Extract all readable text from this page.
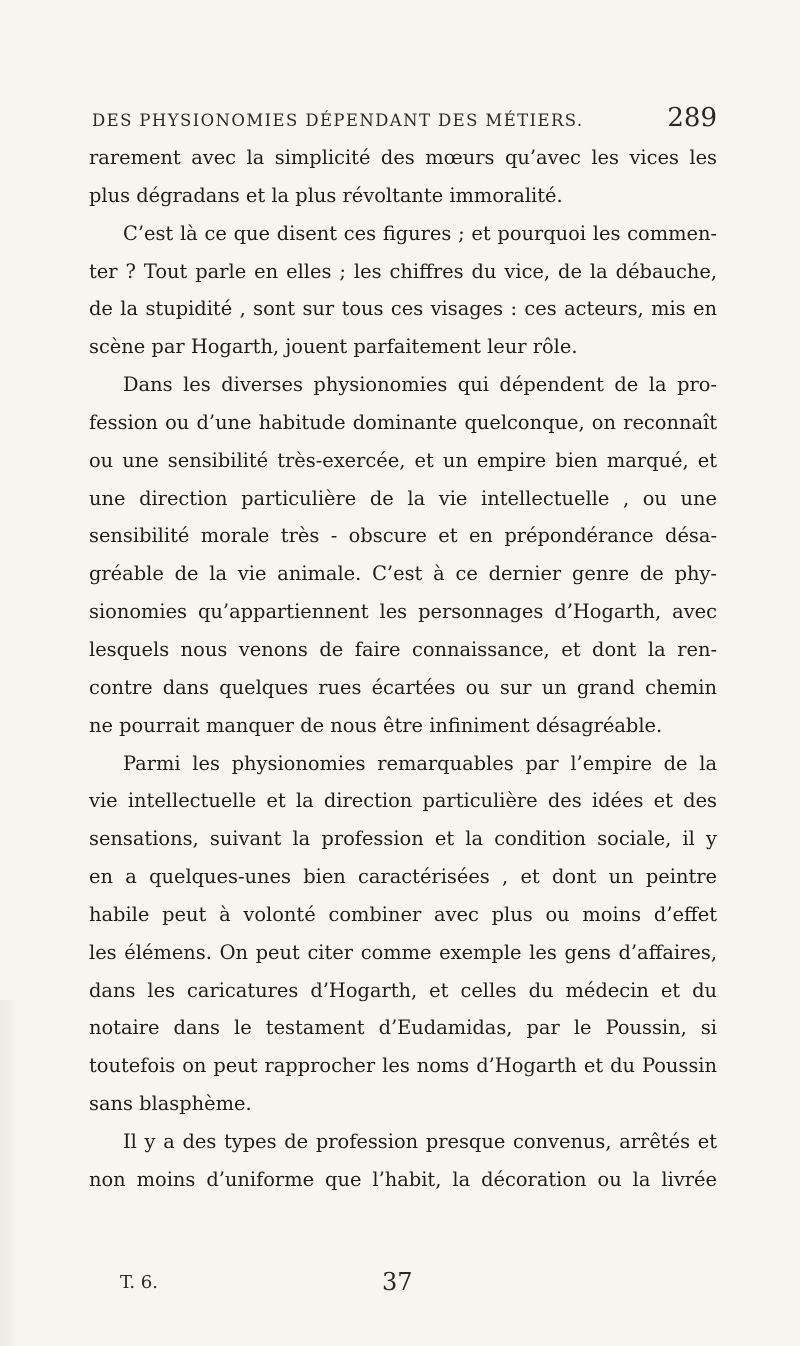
DES PHYSIONOMIES DÉPENDANT DES MÉTIERS.	289

rarement avec la simplicité des mœurs qu’avec les vices les

plus dégradans et la plus révoltante immoralité.

C’est là ce que disent ces figures ; et pourquoi les commen-

ter ? Tout parle en elles ; les chiffres du vice, de la débauche,

de la stupidité , sont sur tous ces visages : ces acteurs, mis en

scène par Hogarth, jouent parfaitement leur rôle.

Dans les diverses physionomies qui dépendent de la pro-

fession ou d’une habitude dominante quelconque, on reconnaît

ou une sensibilité très-exercée, et un empire bien marqué, et

une direction particulière de la vie intellectuelle , ou une

sensibilité morale très - obscure et en prépondérance désa-

gréable de la vie animale. C’est à ce dernier genre de phy-

sionomies qu’appartiennent les personnages d’Hogarth, avec

lesquels nous venons de faire connaissance, et dont la ren-

contre dans quelques rues écartées ou sur un grand chemin

ne pourrait manquer de nous être infiniment désagréable.

Parmi les physionomies remarquables par l’empire de la

vie intellectuelle et la direction particulière des idées et des

sensations, suivant la profession et la condition sociale, il y

en a quelques-unes bien caractérisées , et dont un peintre

habile peut à volonté combiner avec plus ou moins d’effet

les élémens. On peut citer comme exemple les gens d’affaires,

dans les caricatures d’Hogarth, et celles du médecin et du

notaire dans le testament d’Eudamidas, par le Poussin, si

toutefois on peut rapprocher les noms d’Hogarth et du Poussin

sans blasphème.

Il y a des types de profession presque convenus, arrêtés et

non moins d’uniforme que l’habit, la décoration ou la livrée

T. 6.	37
